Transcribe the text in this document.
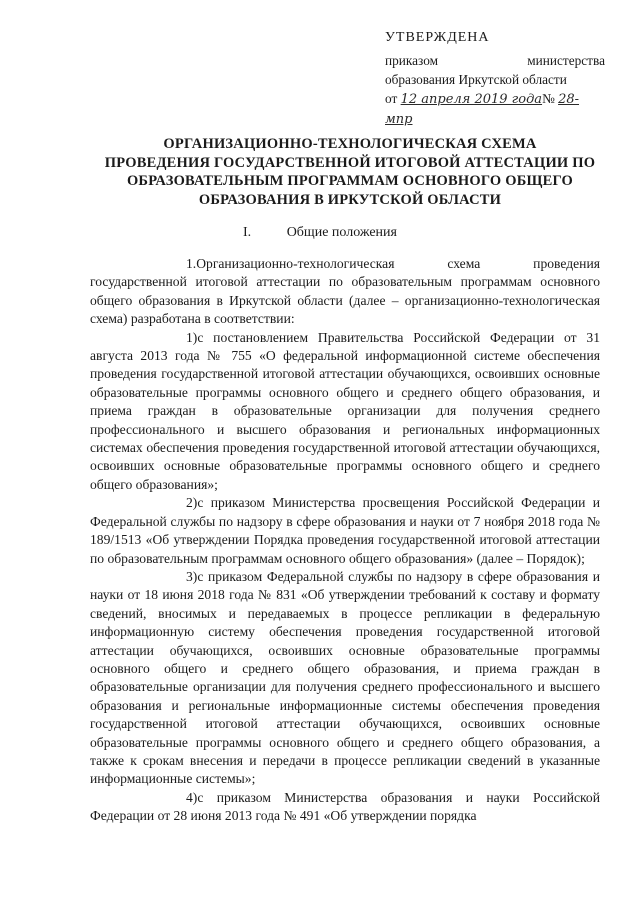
УТВЕРЖДЕНА
приказом	министерства
образования Иркутской области
от 12 апреля 2019 года№ 28-мпр
ОРГАНИЗАЦИОННО-ТЕХНОЛОГИЧЕСКАЯ СХЕМА
ПРОВЕДЕНИЯ ГОСУДАРСТВЕННОЙ ИТОГОВОЙ АТТЕСТАЦИИ ПО
ОБРАЗОВАТЕЛЬНЫМ ПРОГРАММАМ ОСНОВНОГО ОБЩЕГО
ОБРАЗОВАНИЯ В ИРКУТСКОЙ ОБЛАСТИ
I.	Общие положения

1.Организационно-технологическая схема проведения государственной итоговой аттестации по образовательным программам основного общего образования в Иркутской области (далее – организационно-технологическая схема) разработана в соответствии:

1)с постановлением Правительства Российской Федерации от 31 августа 2013 года № 755 «О федеральной информационной системе обеспечения проведения государственной итоговой аттестации обучающихся, освоивших основные образовательные программы основного общего и среднего общего образования, и приема граждан в образовательные организации для получения среднего профессионального и высшего образования и региональных информационных системах обеспечения проведения государственной итоговой аттестации обучающихся, освоивших основные образовательные программы основного общего и среднего общего образования»;

2)с приказом Министерства просвещения Российской Федерации и Федеральной службы по надзору в сфере образования и науки от 7 ноября 2018 года № 189/1513 «Об утверждении Порядка проведения государственной итоговой аттестации по образовательным программам основного общего образования» (далее – Порядок);

3)с приказом Федеральной службы по надзору в сфере образования и науки от 18 июня 2018 года № 831 «Об утверждении требований к составу и формату сведений, вносимых и передаваемых в процессе репликации в федеральную информационную систему обеспечения проведения государственной итоговой аттестации обучающихся, освоивших основные образовательные программы основного общего и среднего общего образования, и приема граждан в образовательные организации для получения среднего профессионального и высшего образования и региональные информационные системы обеспечения проведения государственной итоговой аттестации обучающихся, освоивших основные образовательные программы основного общего и среднего общего образования, а также к срокам внесения и передачи в процессе репликации сведений в указанные информационные системы»;

4)с приказом Министерства образования и науки Российской Федерации от 28 июня 2013 года № 491 «Об утверждении порядка
